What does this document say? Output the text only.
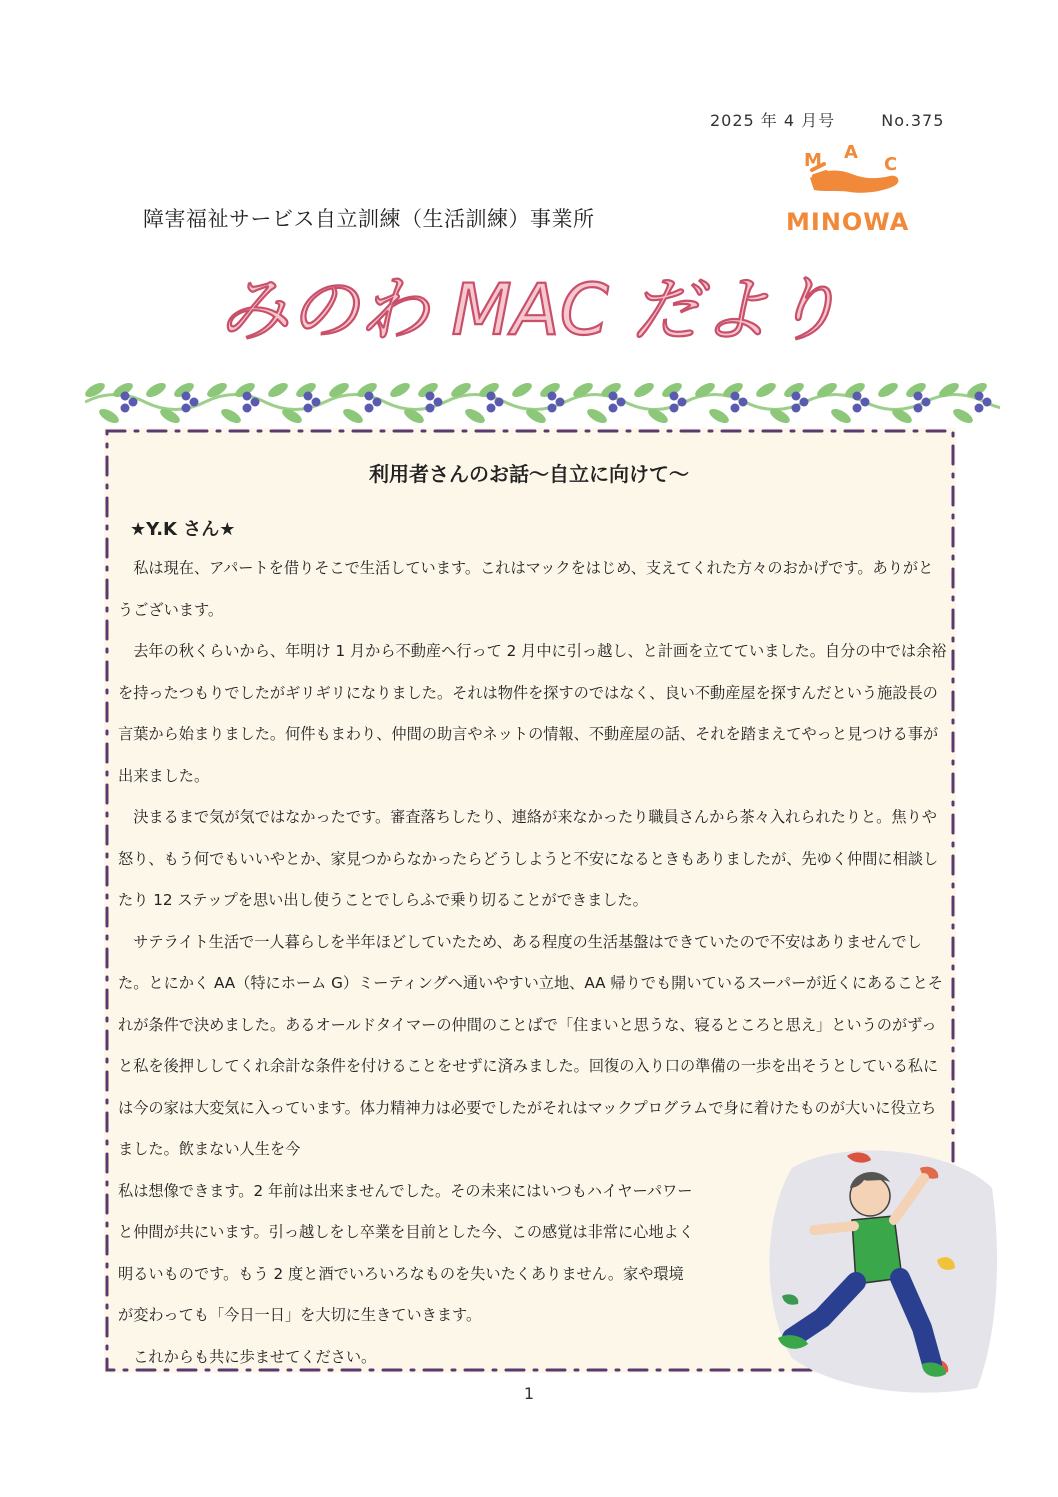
2025 年 4 月号	No.375
M A
C
MINOWA
障害福祉サービス自立訓練（生活訓練）事業所
みのわ MAC だより
利用者さんのお話～自立に向けて～
★Y.K さん★

私は現在、アパートを借りそこで生活しています。これはマックをはじめ、支えてくれた方々のおかげです。ありがとうございます。

去年の秋くらいから、年明け 1 月から不動産へ行って 2 月中に引っ越し、と計画を立てていました。自分の中では余裕を持ったつもりでしたがギリギリになりました。それは物件を探すのではなく、良い不動産屋を探すんだという施設長の言葉から始まりました。何件もまわり、仲間の助言やネットの情報、不動産屋の話、それを踏まえてやっと見つける事が出来ました。

決まるまで気が気ではなかったです。審査落ちしたり、連絡が来なかったり職員さんから茶々入れられたりと。焦りや怒り、もう何でもいいやとか、家見つからなかったらどうしようと不安になるときもありましたが、先ゆく仲間に相談したり 12 ステップを思い出し使うことでしらふで乗り切ることができました。

サテライト生活で一人暮らしを半年ほどしていたため、ある程度の生活基盤はできていたので不安はありませんでした。とにかく AA（特にホーム G）ミーティングへ通いやすい立地、AA 帰りでも開いているスーパーが近くにあることそれが条件で決めました。あるオールドタイマーの仲間のことばで「住まいと思うな、寝るところと思え」というのがずっと私を後押ししてくれ余計な条件を付けることをせずに済みました。回復の入り口の準備の一歩を出そうとしている私には今の家は大変気に入っています。体力精神力は必要でしたがそれはマックプログラムで身に着けたものが大いに役立ちました。飲まない人生を今

私は想像できます。2 年前は出来ませんでした。その未来にはいつもハイヤーパワー

と仲間が共にいます。引っ越しをし卒業を目前とした今、この感覚は非常に心地よく

明るいものです。もう 2 度と酒でいろいろなものを失いたくありません。家や環境

が変わっても「今日一日」を大切に生きていきます。

これからも共に歩ませてください。

1
